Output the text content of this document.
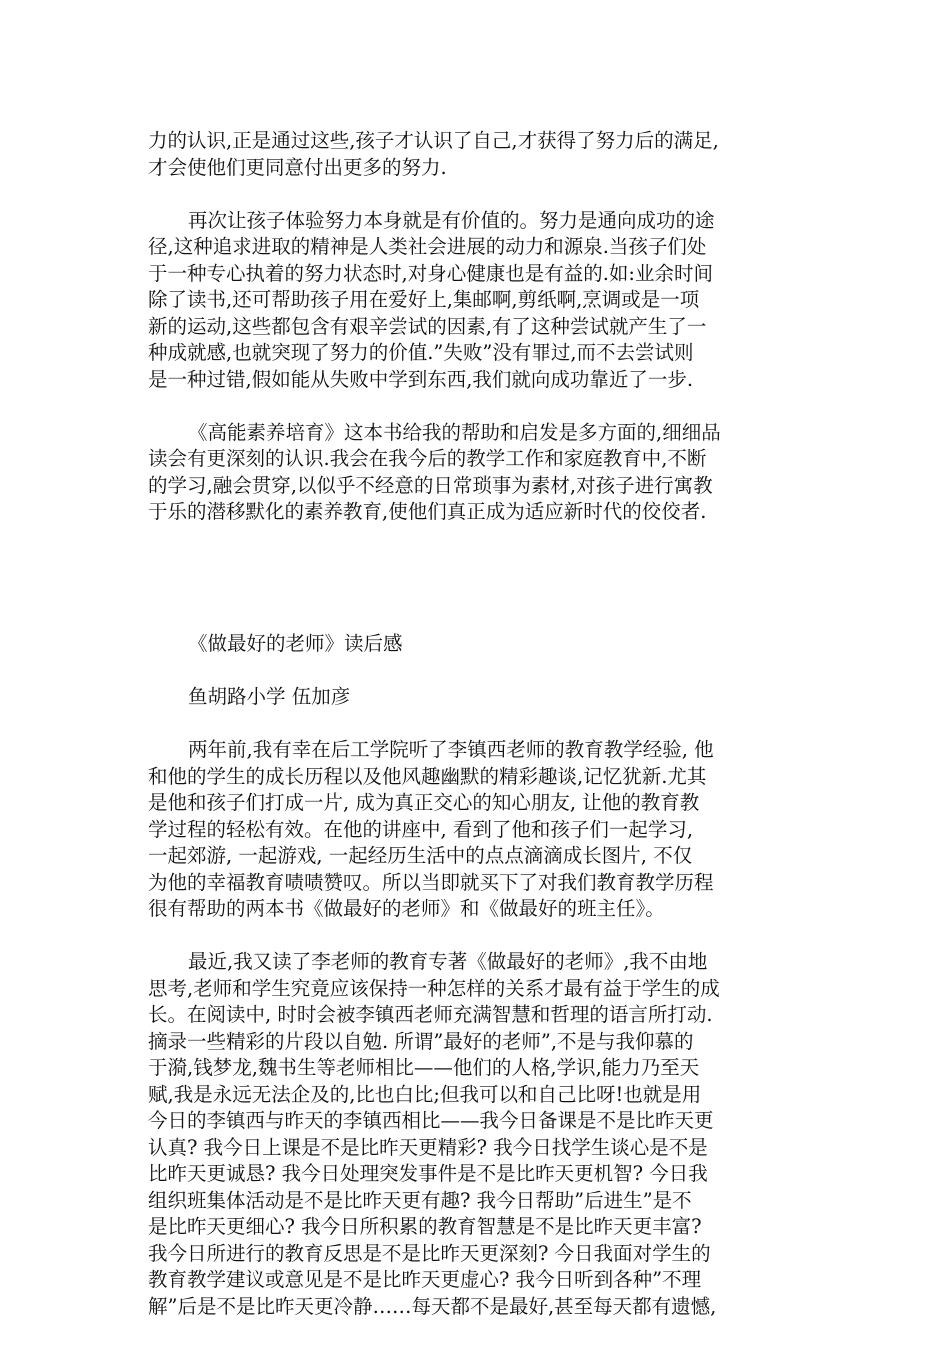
力的认识,正是通过这些,孩子才认识了自己,才获得了努力后的满足,
才会使他们更同意付出更多的努力.

再次让孩子体验努力本身就是有价值的。努力是通向成功的途
径,这种追求进取的精神是人类社会进展的动力和源泉.当孩子们处
于一种专心执着的努力状态时,对身心健康也是有益的.如:业余时间
除了读书,还可帮助孩子用在爱好上,集邮啊,剪纸啊,烹调或是一项
新的运动,这些都包含有艰辛尝试的因素,有了这种尝试就产生了一
种成就感,也就突现了努力的价值.”失败”没有罪过,而不去尝试则
是一种过错,假如能从失败中学到东西,我们就向成功靠近了一步.

《高能素养培育》这本书给我的帮助和启发是多方面的,细细品
读会有更深刻的认识.我会在我今后的教学工作和家庭教育中,不断
的学习,融会贯穿,以似乎不经意的日常琐事为素材,对孩子进行寓教
于乐的潜移默化的素养教育,使他们真正成为适应新时代的佼佼者.

《做最好的老师》读后感

鱼胡路小学 伍加彦

两年前,我有幸在后工学院听了李镇西老师的教育教学经验, 他
和他的学生的成长历程以及他风趣幽默的精彩趣谈,记忆犹新.尤其
是他和孩子们打成一片, 成为真正交心的知心朋友, 让他的教育教
学过程的轻松有效。在他的讲座中, 看到了他和孩子们一起学习,
一起郊游, 一起游戏, 一起经历生活中的点点滴滴成长图片, 不仅
为他的幸福教育啧啧赞叹。所以当即就买下了对我们教育教学历程
很有帮助的两本书《做最好的老师》和《做最好的班主任》。

最近,我又读了李老师的教育专著《做最好的老师》,我不由地
思考,老师和学生究竟应该保持一种怎样的关系才最有益于学生的成
长。在阅读中, 时时会被李镇西老师充满智慧和哲理的语言所打动.
摘录一些精彩的片段以自勉. 所谓”最好的老师”,不是与我仰慕的
于漪,钱梦龙,魏书生等老师相比——他们的人格,学识,能力乃至天
赋,我是永远无法企及的,比也白比;但我可以和自己比呀!也就是用
今日的李镇西与昨天的李镇西相比——我今日备课是不是比昨天更
认真? 我今日上课是不是比昨天更精彩? 我今日找学生谈心是不是
比昨天更诚恳? 我今日处理突发事件是不是比昨天更机智? 今日我
组织班集体活动是不是比昨天更有趣? 我今日帮助”后进生”是不
是比昨天更细心? 我今日所积累的教育智慧是不是比昨天更丰富?
我今日所进行的教育反思是不是比昨天更深刻? 今日我面对学生的
教育教学建议或意见是不是比昨天更虚心? 我今日听到各种”不理
解”后是不是比昨天更冷静……每天都不是最好,甚至每天都有遗憾,
